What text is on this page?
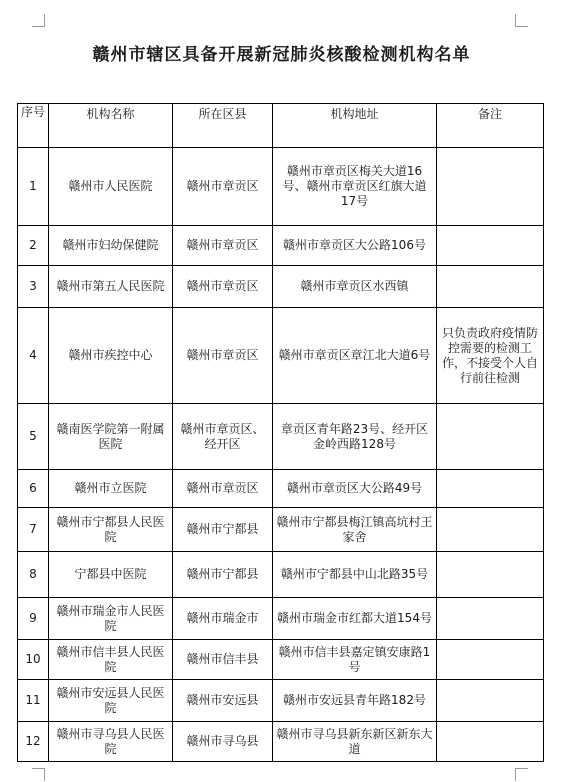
赣州市辖区具备开展新冠肺炎核酸检测机构名单
序号	机构名称	所在区县	机构地址	备注
1	赣州市人民医院	赣州市章贡区	赣州市章贡区梅关大道16号、赣州市章贡区红旗大道17号	
2	赣州市妇幼保健院	赣州市章贡区	赣州市章贡区大公路106号	
3	赣州市第五人民医院	赣州市章贡区	赣州市章贡区水西镇	
4	赣州市疾控中心	赣州市章贡区	赣州市章贡区章江北大道6号	只负责政府疫情防控需要的检测工作，不接受个人自行前往检测
5	赣南医学院第一附属医院	赣州市章贡区、经开区	章贡区青年路23号、经开区金岭西路128号	
6	赣州市立医院	赣州市章贡区	赣州市章贡区大公路49号	
7	赣州市宁都县人民医院	赣州市宁都县	赣州市宁都县梅江镇高坑村王家舍	
8	宁都县中医院	赣州市宁都县	赣州市宁都县中山北路35号	
9	赣州市瑞金市人民医院	赣州市瑞金市	赣州市瑞金市红都大道154号	
10	赣州市信丰县人民医院	赣州市信丰县	赣州市信丰县嘉定镇安康路1号	
11	赣州市安远县人民医院	赣州市安远县	赣州市安远县青年路182号	
12	赣州市寻乌县人民医院	赣州市寻乌县	赣州市寻乌县新东新区新东大道	
